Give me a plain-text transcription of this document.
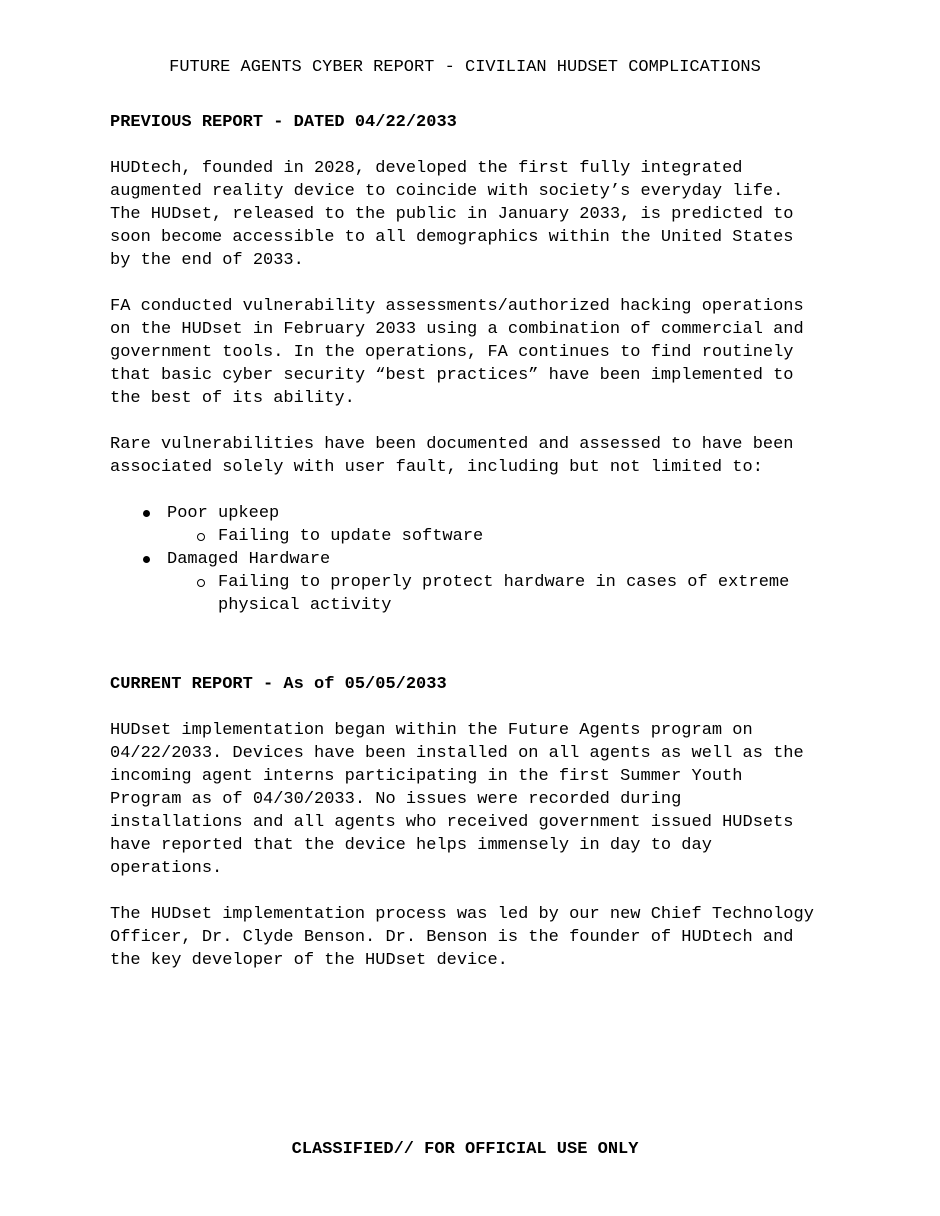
FUTURE AGENTS CYBER REPORT - CIVILIAN HUDSET COMPLICATIONS
PREVIOUS REPORT - DATED 04/22/2033

HUDtech, founded in 2028, developed the first fully integrated augmented reality device to coincide with society’s everyday life. The HUDset, released to the public in January 2033, is predicted to soon become accessible to all demographics within the United States by the end of 2033.

FA conducted vulnerability assessments/authorized hacking operations on the HUDset in February 2033 using a combination of commercial and government tools. In the operations, FA continues to find routinely that basic cyber security “best practices” have been implemented to the best of its ability.

Rare vulnerabilities have been documented and assessed to have been associated solely with user fault, including but not limited to:

Poor upkeep
Failing to update software
Damaged Hardware
Failing to properly protect hardware in cases of extreme physical activity
CURRENT REPORT - As of 05/05/2033

HUDset implementation began within the Future Agents program on 04/22/2033. Devices have been installed on all agents as well as the incoming agent interns participating in the first Summer Youth Program as of 04/30/2033. No issues were recorded during installations and all agents who received government issued HUDsets have reported that the device helps immensely in day to day operations.

The HUDset implementation process was led by our new Chief Technology Officer, Dr. Clyde Benson. Dr. Benson is the founder of HUDtech and the key developer of the HUDset device.

CLASSIFIED// FOR OFFICIAL USE ONLY
